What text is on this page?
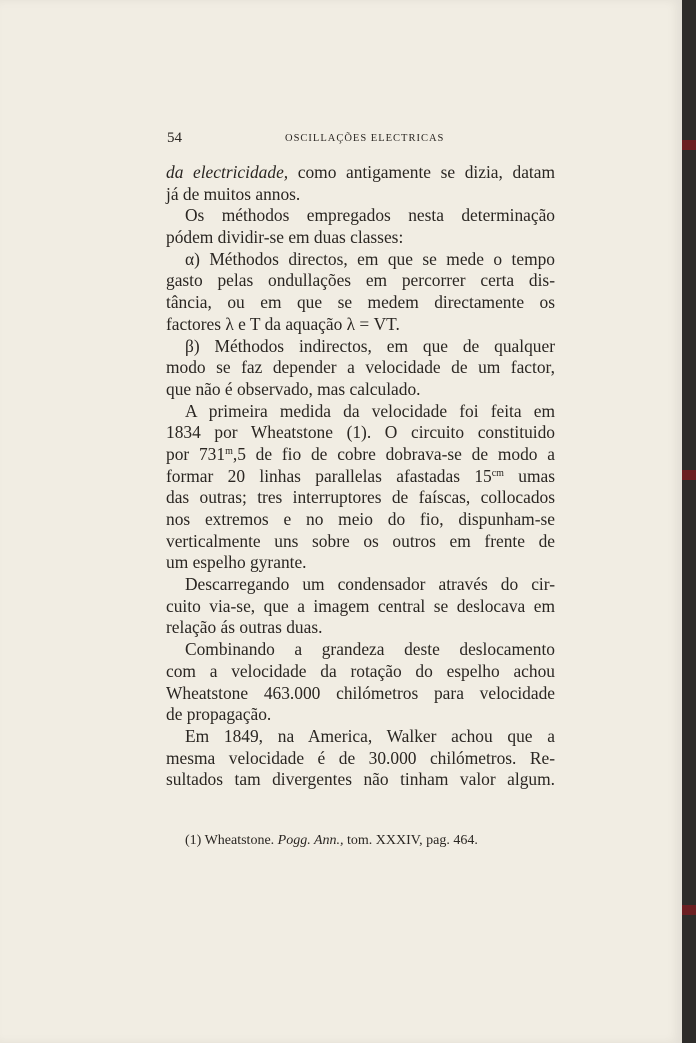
54	OSCILLAÇÕES ELECTRICAS
da electricidade, como antigamente se dizia, datam
já de muitos annos.
Os méthodos empregados nesta determinação
pódem dividir-se em duas classes:
α) Méthodos directos, em que se mede o tempo
gasto pelas ondullações em percorrer certa dis-
tância, ou em que se medem directamente os
factores λ e T da aquação λ = VT.
β) Méthodos indirectos, em que de qualquer
modo se faz depender a velocidade de um factor,
que não é observado, mas calculado.
A primeira medida da velocidade foi feita em
1834 por Wheatstone (1). O circuito constituido
por 731$^m$,5 de fio de cobre dobrava-se de modo a
formar 20 linhas parallelas afastadas $15^{cm}$ umas
das outras; tres interruptores de faíscas, collocados
nos extremos e no meio do fio, dispunham-se
verticalmente uns sobre os outros em frente de
um espelho gyrante.
Descarregando um condensador através do cir-
cuito via-se, que a imagem central se deslocava em
relação ás outras duas.
Combinando a grandeza deste deslocamento
com a velocidade da rotação do espelho achou
Wheatstone 463.000 chilómetros para velocidade
de propagação.
Em 1849, na America, Walker achou que a
mesma velocidade é de 30.000 chilómetros. Re-
sultados tam divergentes não tinham valor algum.
(1) Wheatstone. Pogg. Ann., tom. XXXIV, pag. 464.
